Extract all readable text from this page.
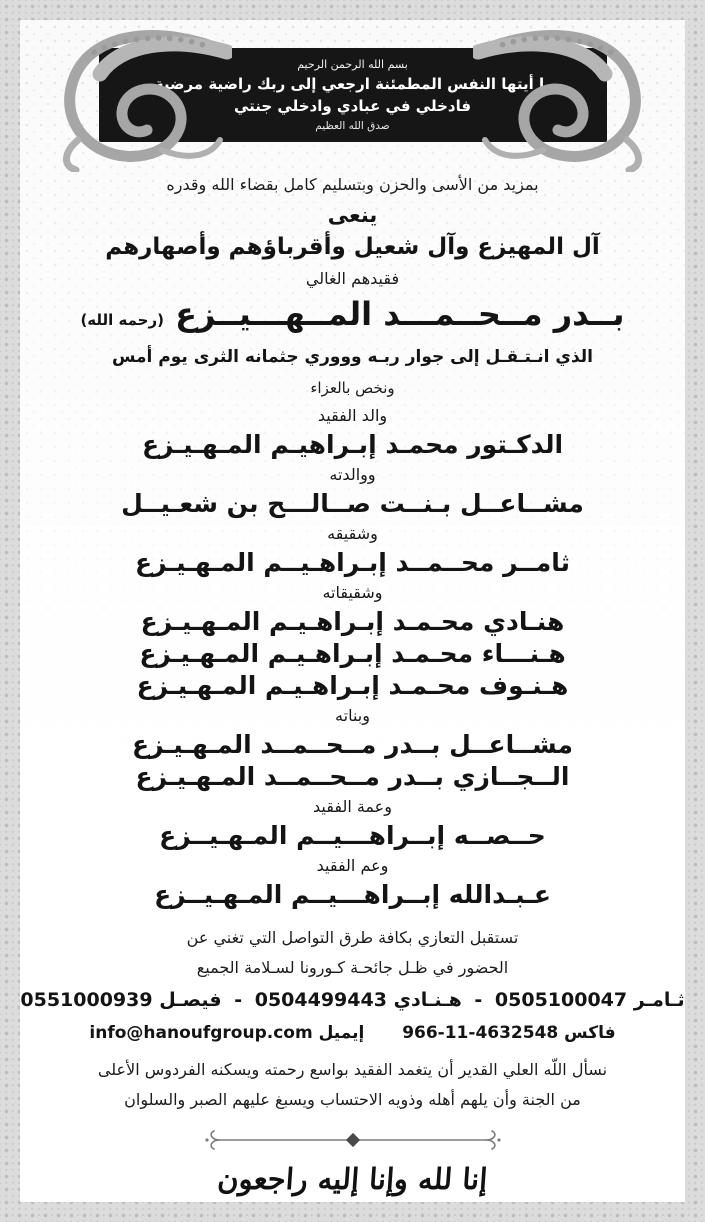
بسم الله الرحمن الرحيم
يا أيتها النفس المطمئنة ارجعي إلى ربك راضية مرضية فادخلي في عبادي وادخلي جنتي
صدق الله العظيم
بمزيد من الأسى والحزن وبتسليم كامل بقضاء الله وقدره
ينعى
آل المهيزع وآل شعيل وأقرباؤهم وأصهارهم
فقيدهم الغالي
بــدر مــحــمـــد المــهـــيــزع (رحمه الله)
الذي انـتـقـل إلى جوار ربـه وووري جثمانه الثرى يوم أمس
ونخص بالعزاء
والد الفقيد
الدكـتور محمـد إبـراهيـم المـهـيـزع
ووالدته
مشــاعــل بـنــت صــالـــح بن شعـيــل
وشقيقه
ثامــر محــمــد إبـراهـيــم المـهـيـزع
وشقيقاته
هنـادي محـمـد إبـراهـيـم المـهـيـزع
هـنـــاء محـمـد إبـراهـيـم المـهـيـزع
هـنـوف محـمـد إبـراهـيـم المـهـيـزع
وبناته
مشــاعــل بــدر مــحــمــد المـهـيـزع
الــجــازي بــدر مــحــمــد المـهـيـزع
وعمة الفقيد
حــصــه إبــراهـــيــم المـهـيــزع
وعم الفقيد
عـبـدالله إبــراهـــيــم المـهـيــزع
تستقبل التعازي بكافة طرق التواصل التي تغني عن
الحضور في ظـل جائحـة كـورونا لسـلامة الجميع
ثـامـر 0505100047 - هـنـادي 0504499443 - فيصـل 0551000939
فاكس 966-11-4632548  إيميل info@hanoufgroup.com
نسأل اللّه العلي القدير أن يتغمد الفقيد بواسع رحمته ويسكنه الفردوس الأعلى
من الجنة وأن يلهم أهله وذويه الاحتساب ويسبغ عليهم الصبر والسلوان
إنا لله وإنا إليه راجعون
